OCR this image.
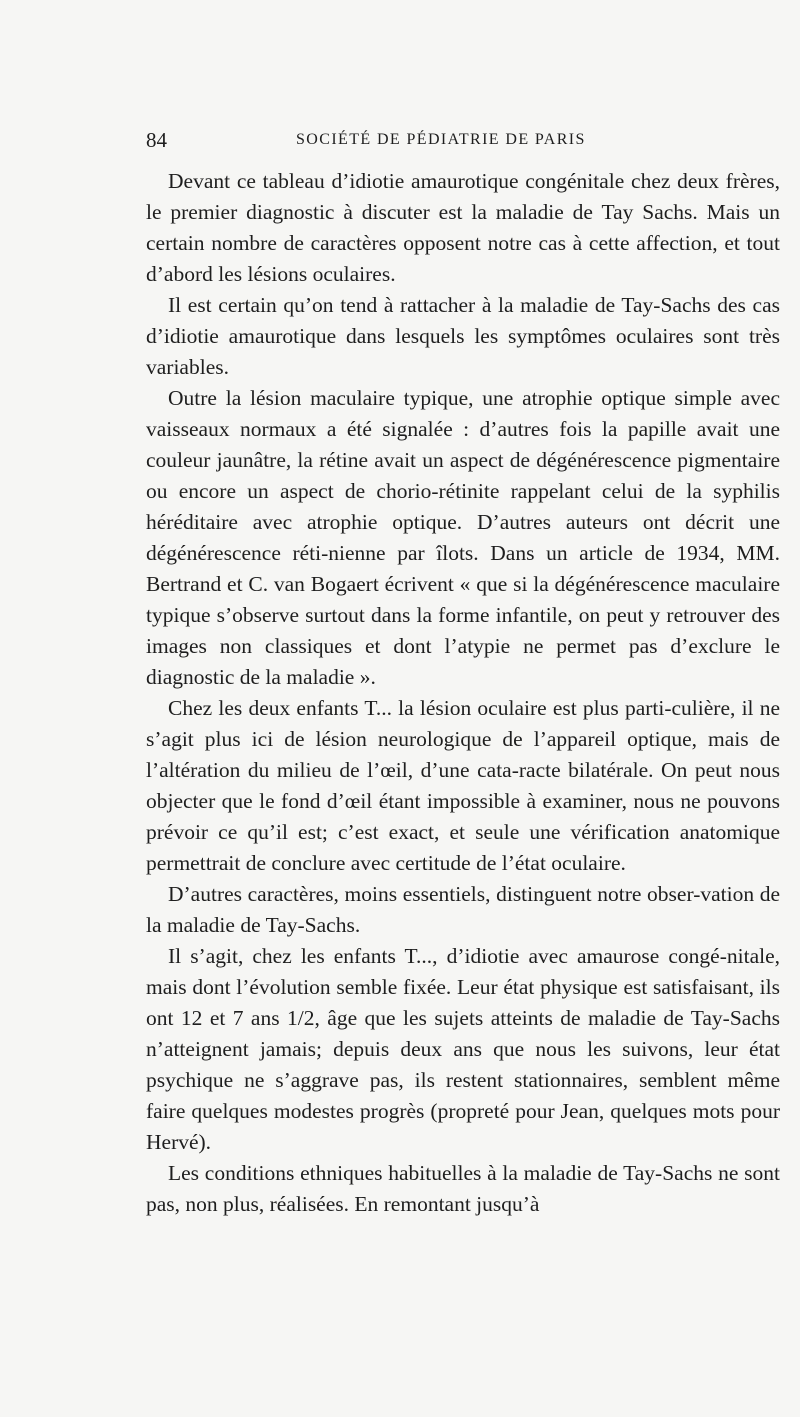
84	SOCIÉTÉ DE PÉDIATRIE DE PARIS

Devant ce tableau d’idiotie amaurotique congénitale chez deux frères, le premier diagnostic à discuter est la maladie de Tay Sachs. Mais un certain nombre de caractères opposent notre cas à cette affection, et tout d’abord les lésions oculaires.

Il est certain qu’on tend à rattacher à la maladie de Tay-Sachs des cas d’idiotie amaurotique dans lesquels les symptômes oculaires sont très variables.

Outre la lésion maculaire typique, une atrophie optique simple avec vaisseaux normaux a été signalée : d’autres fois la papille avait une couleur jaunâtre, la rétine avait un aspect de dégénérescence pigmentaire ou encore un aspect de chorio-rétinite rappelant celui de la syphilis héréditaire avec atrophie optique. D’autres auteurs ont décrit une dégénérescence réti-nienne par îlots. Dans un article de 1934, MM. Bertrand et C. van Bogaert écrivent « que si la dégénérescence maculaire typique s’observe surtout dans la forme infantile, on peut y retrouver des images non classiques et dont l’atypie ne permet pas d’exclure le diagnostic de la maladie ».

Chez les deux enfants T... la lésion oculaire est plus parti-culière, il ne s’agit plus ici de lésion neurologique de l’appareil optique, mais de l’altération du milieu de l’œil, d’une cata-racte bilatérale. On peut nous objecter que le fond d’œil étant impossible à examiner, nous ne pouvons prévoir ce qu’il est; c’est exact, et seule une vérification anatomique permettrait de conclure avec certitude de l’état oculaire.

D’autres caractères, moins essentiels, distinguent notre obser-vation de la maladie de Tay-Sachs.

Il s’agit, chez les enfants T..., d’idiotie avec amaurose congé-nitale, mais dont l’évolution semble fixée. Leur état physique est satisfaisant, ils ont 12 et 7 ans 1/2, âge que les sujets atteints de maladie de Tay-Sachs n’atteignent jamais; depuis deux ans que nous les suivons, leur état psychique ne s’aggrave pas, ils restent stationnaires, semblent même faire quelques modestes progrès (propreté pour Jean, quelques mots pour Hervé).

Les conditions ethniques habituelles à la maladie de Tay-Sachs ne sont pas, non plus, réalisées. En remontant jusqu’à
